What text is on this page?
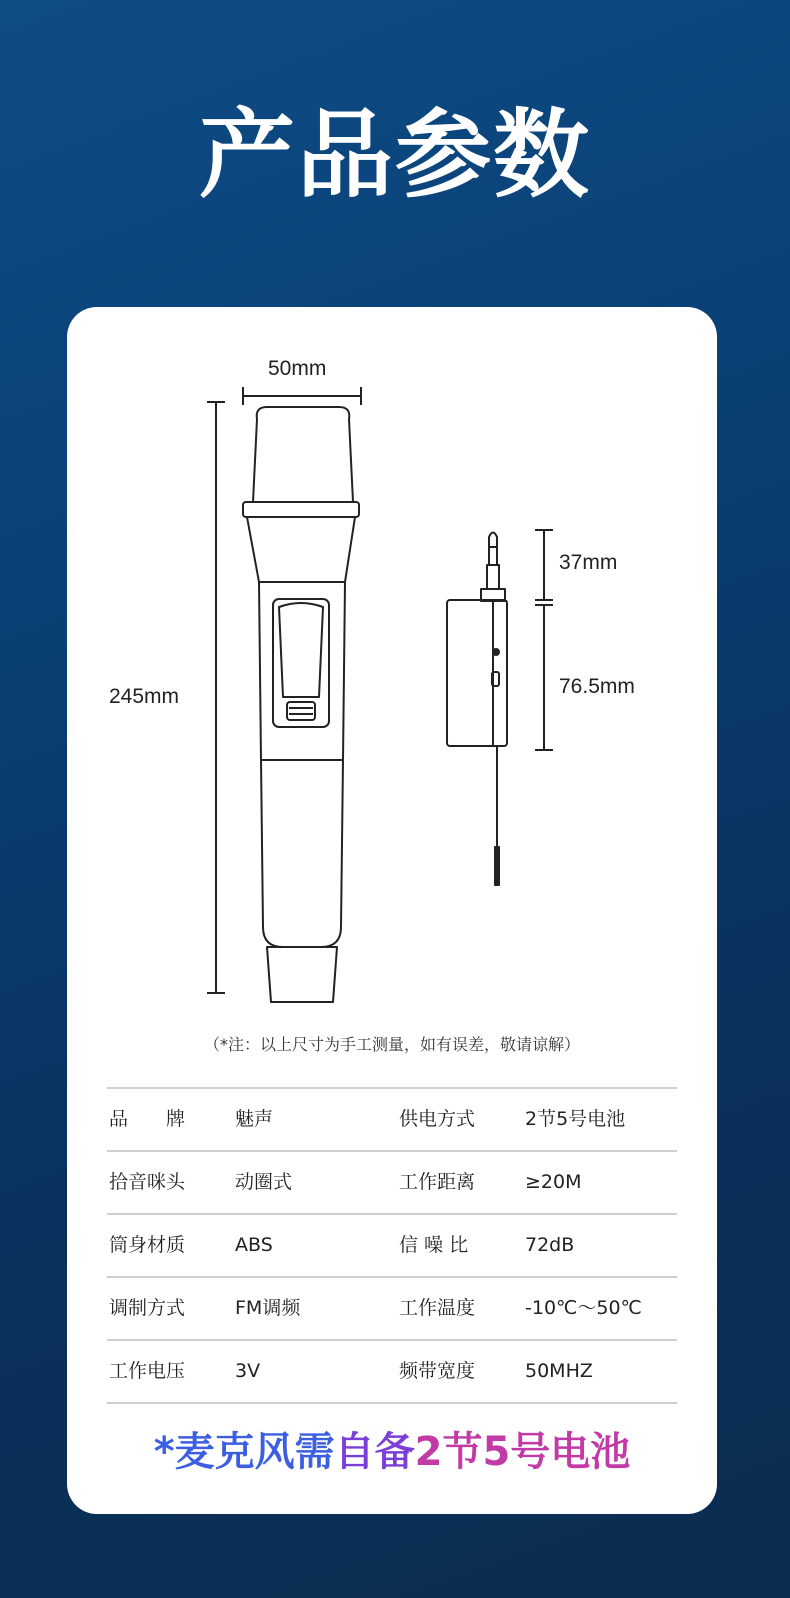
产品参数
50mm
245mm
37mm
76.5mm
（*注：以上尺寸为手工测量，如有误差，敬请谅解）
品　　牌	魅声	供电方式	2节5号电池
拾音咪头	动圈式	工作距离	≥20M
筒身材质	ABS	信 噪 比	72dB
调制方式	FM调频	工作温度	-10℃～50℃
工作电压	3V	频带宽度	50MHZ
*麦克风需自备2节5号电池
